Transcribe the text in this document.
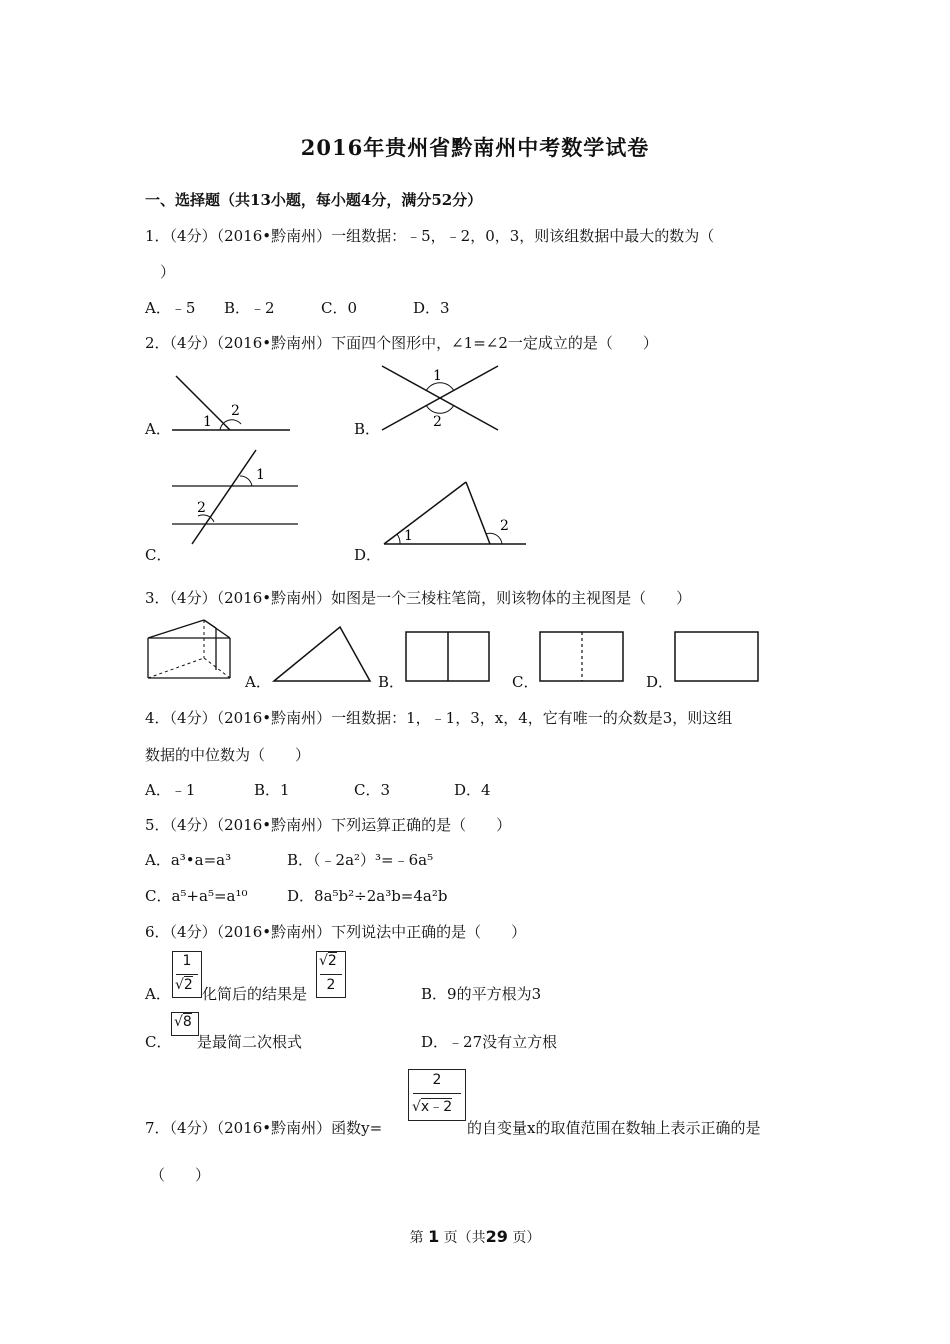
2016年贵州省黔南州中考数学试卷
一、选择题（共13小题，每小题4分，满分52分）
1．（4分）（2016•黔南州）一组数据：﹣5，﹣2，0，3，则该组数据中最大的数为（
）
A．﹣5 B．﹣2	C．0	D．3
2．（4分）（2016•黔南州）下面四个图形中，∠1=∠2一定成立的是（　　）
A．	B．
C．	D．
1
2
1
2
1
2
1
2
3．（4分）（2016•黔南州）如图是一个三棱柱笔筒，则该物体的主视图是（　　）
A．	B．	C．	D．
4．（4分）（2016•黔南州）一组数据：1，﹣1，3，x，4，它有唯一的众数是3，则这组
数据的中位数为（　　）
A．﹣1	B．1	C．3	D．4
5．（4分）（2016•黔南州）下列运算正确的是（　　）
A．a³•a=a³	B．（﹣2a²）³=﹣6a⁵
C．a⁵+a⁵=a¹⁰	D．8a⁵b²÷2a³b=4a²b
6．（4分）（2016•黔南州）下列说法中正确的是（　　）
A．
1
√2 化简后的结果是
√2
2	B．9的平方根为3
C．
√8
是最简二次根式	D．﹣27没有立方根
7．（4分）（2016•黔南州）函数y=
2
√x﹣2
的自变量x的取值范围在数轴上表示正确的是
（　　）
第 1 页（共29 页）
